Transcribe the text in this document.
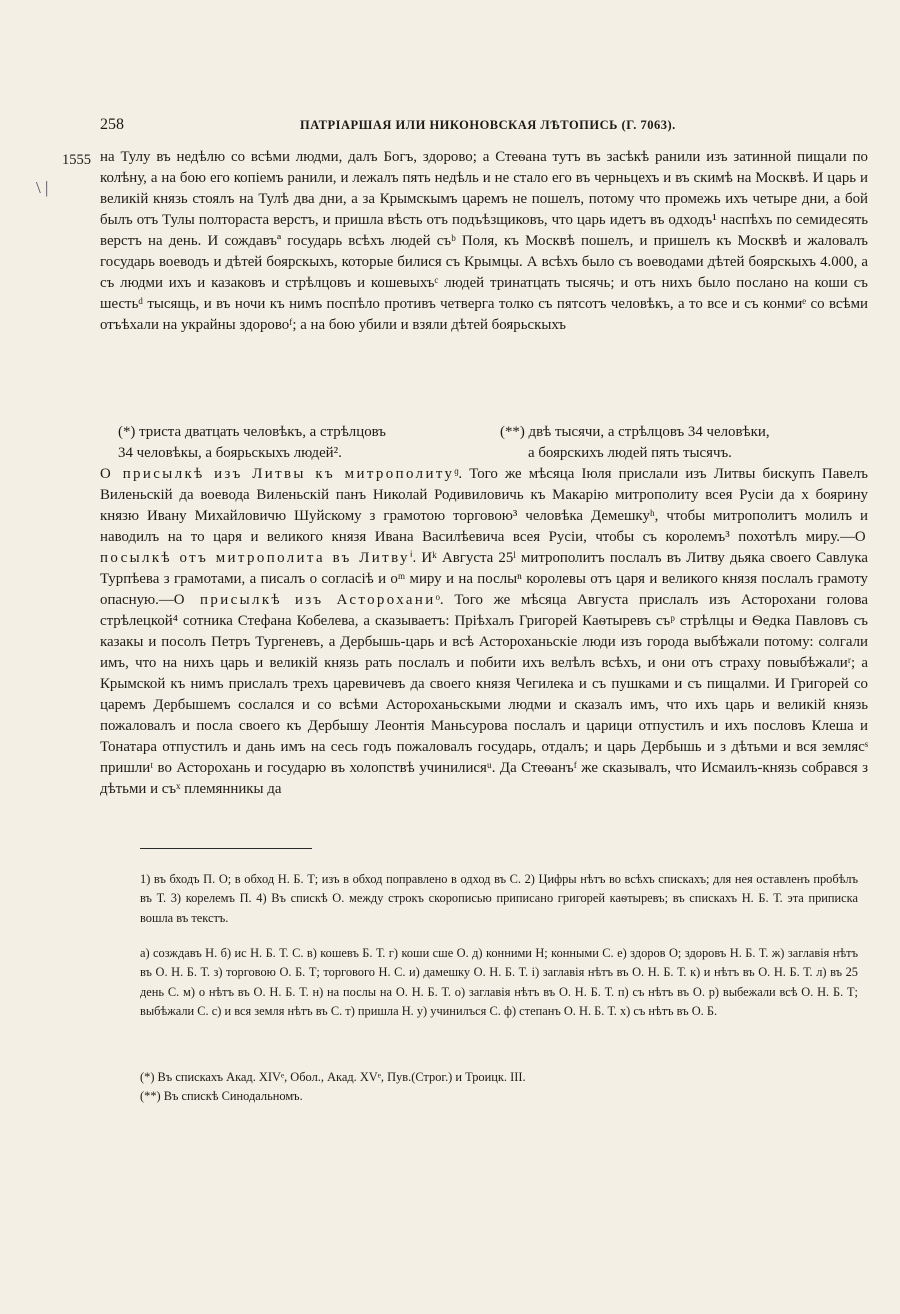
258	ПАТРІАРШАЯ ИЛИ НИКОНОВСКАЯ ЛѢТОПИСЬ (Г. 7063).
1555
\ |

на Тулу въ недѣлю со всѣми людми, далъ Богъ, здорово; а Стеѳана тутъ въ засѣкѣ ранили изъ затинной пищали по колѣну, а на бою его копіемъ ранили, и лежалъ пять недѣль и не стало его въ черньцехъ и въ скимѣ на Москвѣ. И царь и великій князь стоялъ на Тулѣ два дни, а за Крымскымъ царемъ не пошелъ, потому что промежь ихъ четыре дни, а бой былъ отъ Тулы полтораста верстъ, и пришла вѣсть отъ подъѣзщиковъ, что царь идетъ въ одходъ¹ наспѣхъ по семидесять верстъ на день. И сождавъª государь всѣхъ людей съᵇ Поля, къ Москвѣ пошелъ, и пришелъ къ Москвѣ и жаловалъ государь воеводъ и дѣтей боярскыхъ, которые билися съ Крымцы. А всѣхъ было съ воеводами дѣтей боярскыхъ 4.000, а съ людми ихъ и казаковъ и стрѣлцовъ и кошевыхъᶜ людей тринатцать тысячь; и отъ нихъ было послано на коши съ шестьᵈ тысящь, и въ ночи къ нимъ поспѣло противъ четверга толко съ пятсотъ человѣкъ, а то все и съ конмиᵉ со всѣми отъѣхали на украйны здоровоᶠ; а на бою убили и взяли дѣтей боярьскыхъ

(*) триста дватцать человѣкъ, а стрѣлцовъ
34 человѣкы, а боярьскыхъ людей².
(**) двѣ тысячи, а стрѣлцовъ 34 человѣки,
а боярскихъ людей пять тысячъ.

О присылкѣ изъ Литвы къ митрополитуᶢ. Того же мѣсяца Іюля прислали изъ Литвы бискупъ Павелъ Виленьскій да воевода Виленьскій панъ Николай Родивиловичь къ Макарію митрополиту всея Русіи да х боярину князю Ивану Михайловичю Шуйскому з грамотою торговою³ человѣка Демешкуʰ, чтобы митрополитъ молилъ и наводилъ на то царя и великого князя Ивана Василѣевича всея Русіи, чтобы съ королемъ³ похотѣлъ миру.—О посылкѣ отъ митрополита въ Литвуⁱ. Иᵏ Августа 25ˡ митрополитъ послалъ въ Литву дьяка своего Савлука Турпѣева з грамотами, а писалъ о согласіѣ и оᵐ миру и на послыⁿ королевы отъ царя и великого князя послалъ грамоту опасную.—О присылкѣ изъ Астороханиᵒ. Того же мѣсяца Августа прислалъ изъ Асторохани голова стрѣлецкой⁴ сотника Стефана Кобелева, а сказываетъ: Пріѣхалъ Григорей Каѳтыревъ съᵖ стрѣлцы и Ѳедка Павловъ съ казакы и посолъ Петръ Тургеневъ, а Дербышь-царь и всѣ Астороханьскіе люди изъ города выбѣжали потому: солгали имъ, что на нихъ царь и великій князь рать послалъ и побити ихъ велѣлъ всѣхъ, и они отъ страху повыбѣжалиʳ; а Крымской къ нимъ прислалъ трехъ царевичевъ да своего князя Чегилека и съ пушками и съ пищалми. И Григорей со царемъ Дербышемъ сослался и со всѣми Астороханьскыми людми и сказалъ имъ, что ихъ царь и великій князь пожаловалъ и посла своего къ Дербышу Леонтія Маньсурова послалъ и царици отпустилъ и ихъ пословъ Клеша и Тонатара отпустилъ и дань имъ на сесь годъ пожаловалъ государь, отдалъ; и царь Дербышь и з дѣтьми и вся землясˢ пришлиᵗ во Асторохань и государю въ холопствѣ учинилисяᵘ. Да Стеѳанъᶠ же сказывалъ, что Исмаилъ-князь собрався з дѣтьми и съˣ племянникы да

1) въ бходъ П. О; в обход Н. Б. Т; изъ в обход поправлено в одход въ С. 2) Цифры нѣтъ во всѣхъ спискахъ; для нея оставленъ пробѣлъ въ Т. 3) корелемъ П. 4) Въ спискѣ О. между строкъ скорописью приписано григорей каѳтыревъ; въ спискахъ Н. Б. Т. эта приписка вошла въ текстъ.

а) созждавъ Н. б) ис Н. Б. Т. С. в) кошевъ Б. Т. г) коши сше О. д) конними Н; конными С. е) здоров О; здоровъ Н. Б. Т. ж) заглавія нѣтъ въ О. Н. Б. Т. з) торговою О. Б. Т; торгового Н. С. и) дамешку О. Н. Б. Т. і) заглавія нѣтъ въ О. Н. Б. Т. к) и нѣтъ въ О. Н. Б. Т. л) въ 25 день С. м) о нѣтъ въ О. Н. Б. Т. н) на послы на О. Н. Б. Т. о) заглавія нѣтъ въ О. Н. Б. Т. п) съ нѣтъ въ О. р) выбежали всѣ О. Н. Б. Т; выбѣжали С. с) и вся земля нѣтъ въ С. т) пришла Н. у) учинилъся С. ф) степанъ О. Н. Б. Т. х) съ нѣтъ въ О. Б.

(*) Въ спискахъ Акад. XIVᵉ, Обол., Акад. XVᵉ, Пув.(Строг.) и Троицк. III.

(**) Въ спискѣ Синодальномъ.
